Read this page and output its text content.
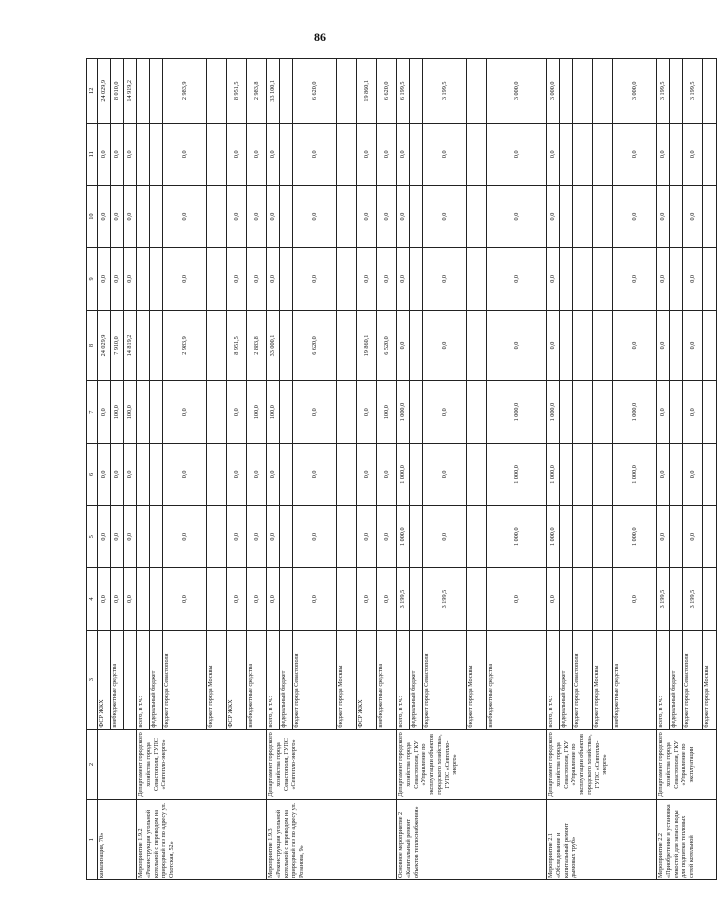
86
1	2	3	4	5	6	7	8	9	10	11	12
канализация, 70»		ФСР ЖКХ	0,0	0,0	0,0	0,0	24 029,9	0,0	0,0	0,0	24 029,9
		внебюджетные средства	0,0	0,0	0,0	100,0	7 910,0	0,0	0,0	0,0	8 010,0
			0,0	0,0	0,0	100,0	14 819,2	0,0	0,0	0,0	14 919,2
Мероприятие 1.9.2 «Реконструкция угольной котельной с переводом на природный газ по адресу ул. Охотская, 52»	Департамент городского хозяйства города Севастополя, ГУПС «Севтепло-энерго»	всего, в т.ч.:									
		федеральный бюджет									
		бюджет города Севастополя	0,0	0,0	0,0	0,0	2 983,9	0,0	0,0	0,0	2 983,9
		бюджет города Москвы									
		ФСР ЖКХ	0,0	0,0	0,0	0,0	8 951,5	0,0	0,0	0,0	8 951,5
		внебюджетные средства	0,0	0,0	0,0	100,0	2 883,8	0,0	0,0	0,0	2 983,8
Мероприятие 1.9.3 «Реконструкция угольной котельной с переводом на природный газ по адресу ул. Розанова, 9»	Департамент городского хозяйства города Севастополя, ГУПС «Севтепло-энерго»	всего, в т.ч.:	0,0	0,0	0,0	100,0	33 000,1	0,0	0,0	0,0	33 100,1
		федеральный бюджет									
		бюджет города Севастополя	0,0	0,0	0,0	0,0	6 620,0	0,0	0,0	0,0	6 620,0
		бюджет города Москвы									
		ФСР ЖКХ	0,0	0,0	0,0	0,0	19 860,1	0,0	0,0	0,0	19 860,1
		внебюджетные средства	0,0	0,0	0,0	100,0	6 520,0	0,0	0,0	0,0	6 620,0
Основное мероприятие 2 «Капитальный ремонт объектов теплоснабжения»	Департамент городского хозяйства города Севастополя, ГКУ «Управление по эксплуатации объектов городского хозяйства», ГУПС «Севтепло-энерго»	всего, в т.ч.:	3 199,5	1 000,0	1 000,0	1 000,0	0,0	0,0	0,0	0,0	6 199,5
		федеральный бюджет									
		бюджет города Севастополя	3 199,5	0,0	0,0	0,0	0,0	0,0	0,0	0,0	3 199,5
		бюджет города Москвы									
		внебюджетные средства	0,0	1 000,0	1 000,0	1 000,0	0,0	0,0	0,0	0,0	3 000,0
Мероприятие 2.1 «Обследование и капитальный ремонт дымовых труб»	Департамент городского хозяйства города Севастополя, ГКУ «Управление по эксплуатации объектов городского хозяйства», ГУПС «Севтепло-энерго»	всего, в т.ч.:	0,0	1 000,0	1 000,0	1 000,0	0,0	0,0	0,0	0,0	3 000,0
		федеральный бюджет									
		бюджет города Севастополя									
		бюджет города Москвы									
		внебюджетные средства	0,0	1 000,0	1 000,0	1 000,0	0,0	0,0	0,0	0,0	3 000,0
Мероприятие 2.2 «Приобретение и установка емкостей для запаса воды для подпитки тепловых сетей котельной	Департамент городского хозяйства города Севастополя, ГКУ «Управление по эксплуатации	всего, в т.ч.:	3 199,5	0,0	0,0	0,0	0,0	0,0	0,0	0,0	3 199,5
		федеральный бюджет									
		бюджет города Севастополя	3 199,5	0,0	0,0	0,0	0,0	0,0	0,0	0,0	3 199,5
		бюджет города Москвы									
